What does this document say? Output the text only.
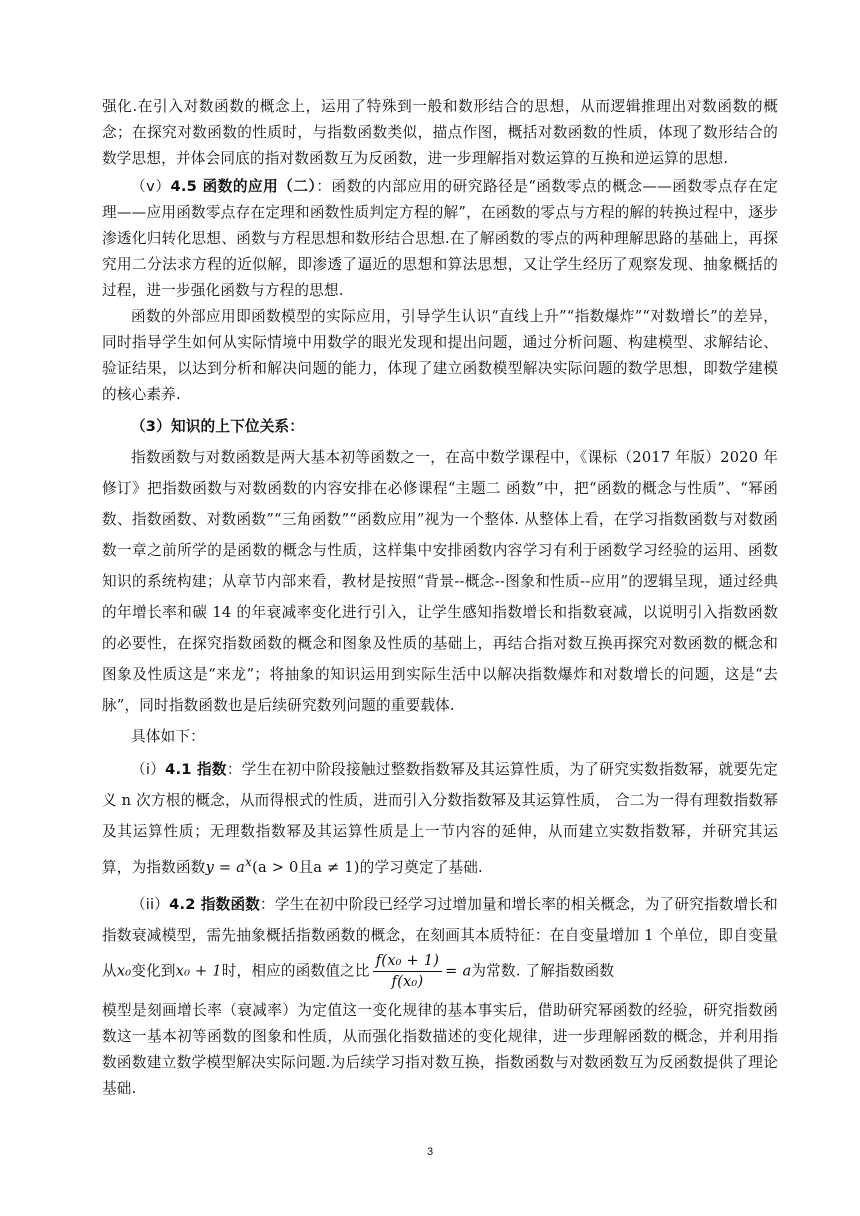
强化.在引入对数函数的概念上，运用了特殊到一般和数形结合的思想，从而逻辑推理出对数函数的概念；在探究对数函数的性质时，与指数函数类似，描点作图，概括对数函数的性质，体现了数形结合的数学思想，并体会同底的指对数函数互为反函数，进一步理解指对数运算的互换和逆运算的思想.

（v）4.5 函数的应用（二）：函数的内部应用的研究路径是“函数零点的概念——函数零点存在定理——应用函数零点存在定理和函数性质判定方程的解”，在函数的零点与方程的解的转换过程中，逐步渗透化归转化思想、函数与方程思想和数形结合思想.在了解函数的零点的两种理解思路的基础上，再探究用二分法求方程的近似解，即渗透了逼近的思想和算法思想，又让学生经历了观察发现、抽象概括的过程，进一步强化函数与方程的思想.

函数的外部应用即函数模型的实际应用，引导学生认识“直线上升”“指数爆炸”“对数增长”的差异，同时指导学生如何从实际情境中用数学的眼光发现和提出问题，通过分析问题、构建模型、求解结论、验证结果，以达到分析和解决问题的能力，体现了建立函数模型解决实际问题的数学思想，即数学建模的核心素养.

（3）知识的上下位关系：

指数函数与对数函数是两大基本初等函数之一，在高中数学课程中，《课标（2017 年版）2020 年修订》把指数函数与对数函数的内容安排在必修课程“主题二 函数”中，把“函数的概念与性质”、“幂函数、指数函数、对数函数”“三角函数”“函数应用”视为一个整体. 从整体上看，在学习指数函数与对数函数一章之前所学的是函数的概念与性质，这样集中安排函数内容学习有利于函数学习经验的运用、函数知识的系统构建；从章节内部来看，教材是按照“背景--概念--图象和性质--应用”的逻辑呈现，通过经典的年增长率和碳 14 的年衰减率变化进行引入，让学生感知指数增长和指数衰减，以说明引入指数函数的必要性，在探究指数函数的概念和图象及性质的基础上，再结合指对数互换再探究对数函数的概念和图象及性质这是“来龙”；将抽象的知识运用到实际生活中以解决指数爆炸和对数增长的问题，这是“去脉”，同时指数函数也是后续研究数列问题的重要载体.

具体如下：

（i）4.1 指数：学生在初中阶段接触过整数指数幂及其运算性质，为了研究实数指数幂，就要先定义 n 次方根的概念，从而得根式的性质，进而引入分数指数幂及其运算性质， 合二为一得有理数指数幂及其运算性质；无理数指数幂及其运算性质是上一节内容的延伸，从而建立实数指数幂，并研究其运算，为指数函数$y = a^x(a > 0$且a ≠ 1)的学习奠定了基础.

（ii）4.2 指数函数：学生在初中阶段已经学习过增加量和增长率的相关概念，为了研究指数增长和指数衰减模型，需先抽象概括指数函数的概念，在刻画其本质特征：在自变量增加 1 个单位，即自变量从x₀变化到x₀ + 1时，相应的函数值之比 $\frac{\text{f(x₀ + 1)}}{\text{f(x₀)}} = a$为常数. 了解指数函数

模型是刻画增长率（衰减率）为定值这一变化规律的基本事实后，借助研究幂函数的经验，研究指数函数这一基本初等函数的图象和性质，从而强化指数描述的变化规律，进一步理解函数的概念，并利用指数函数建立数学模型解决实际问题.为后续学习指对数互换，指数函数与对数函数互为反函数提供了理论基础.

3
